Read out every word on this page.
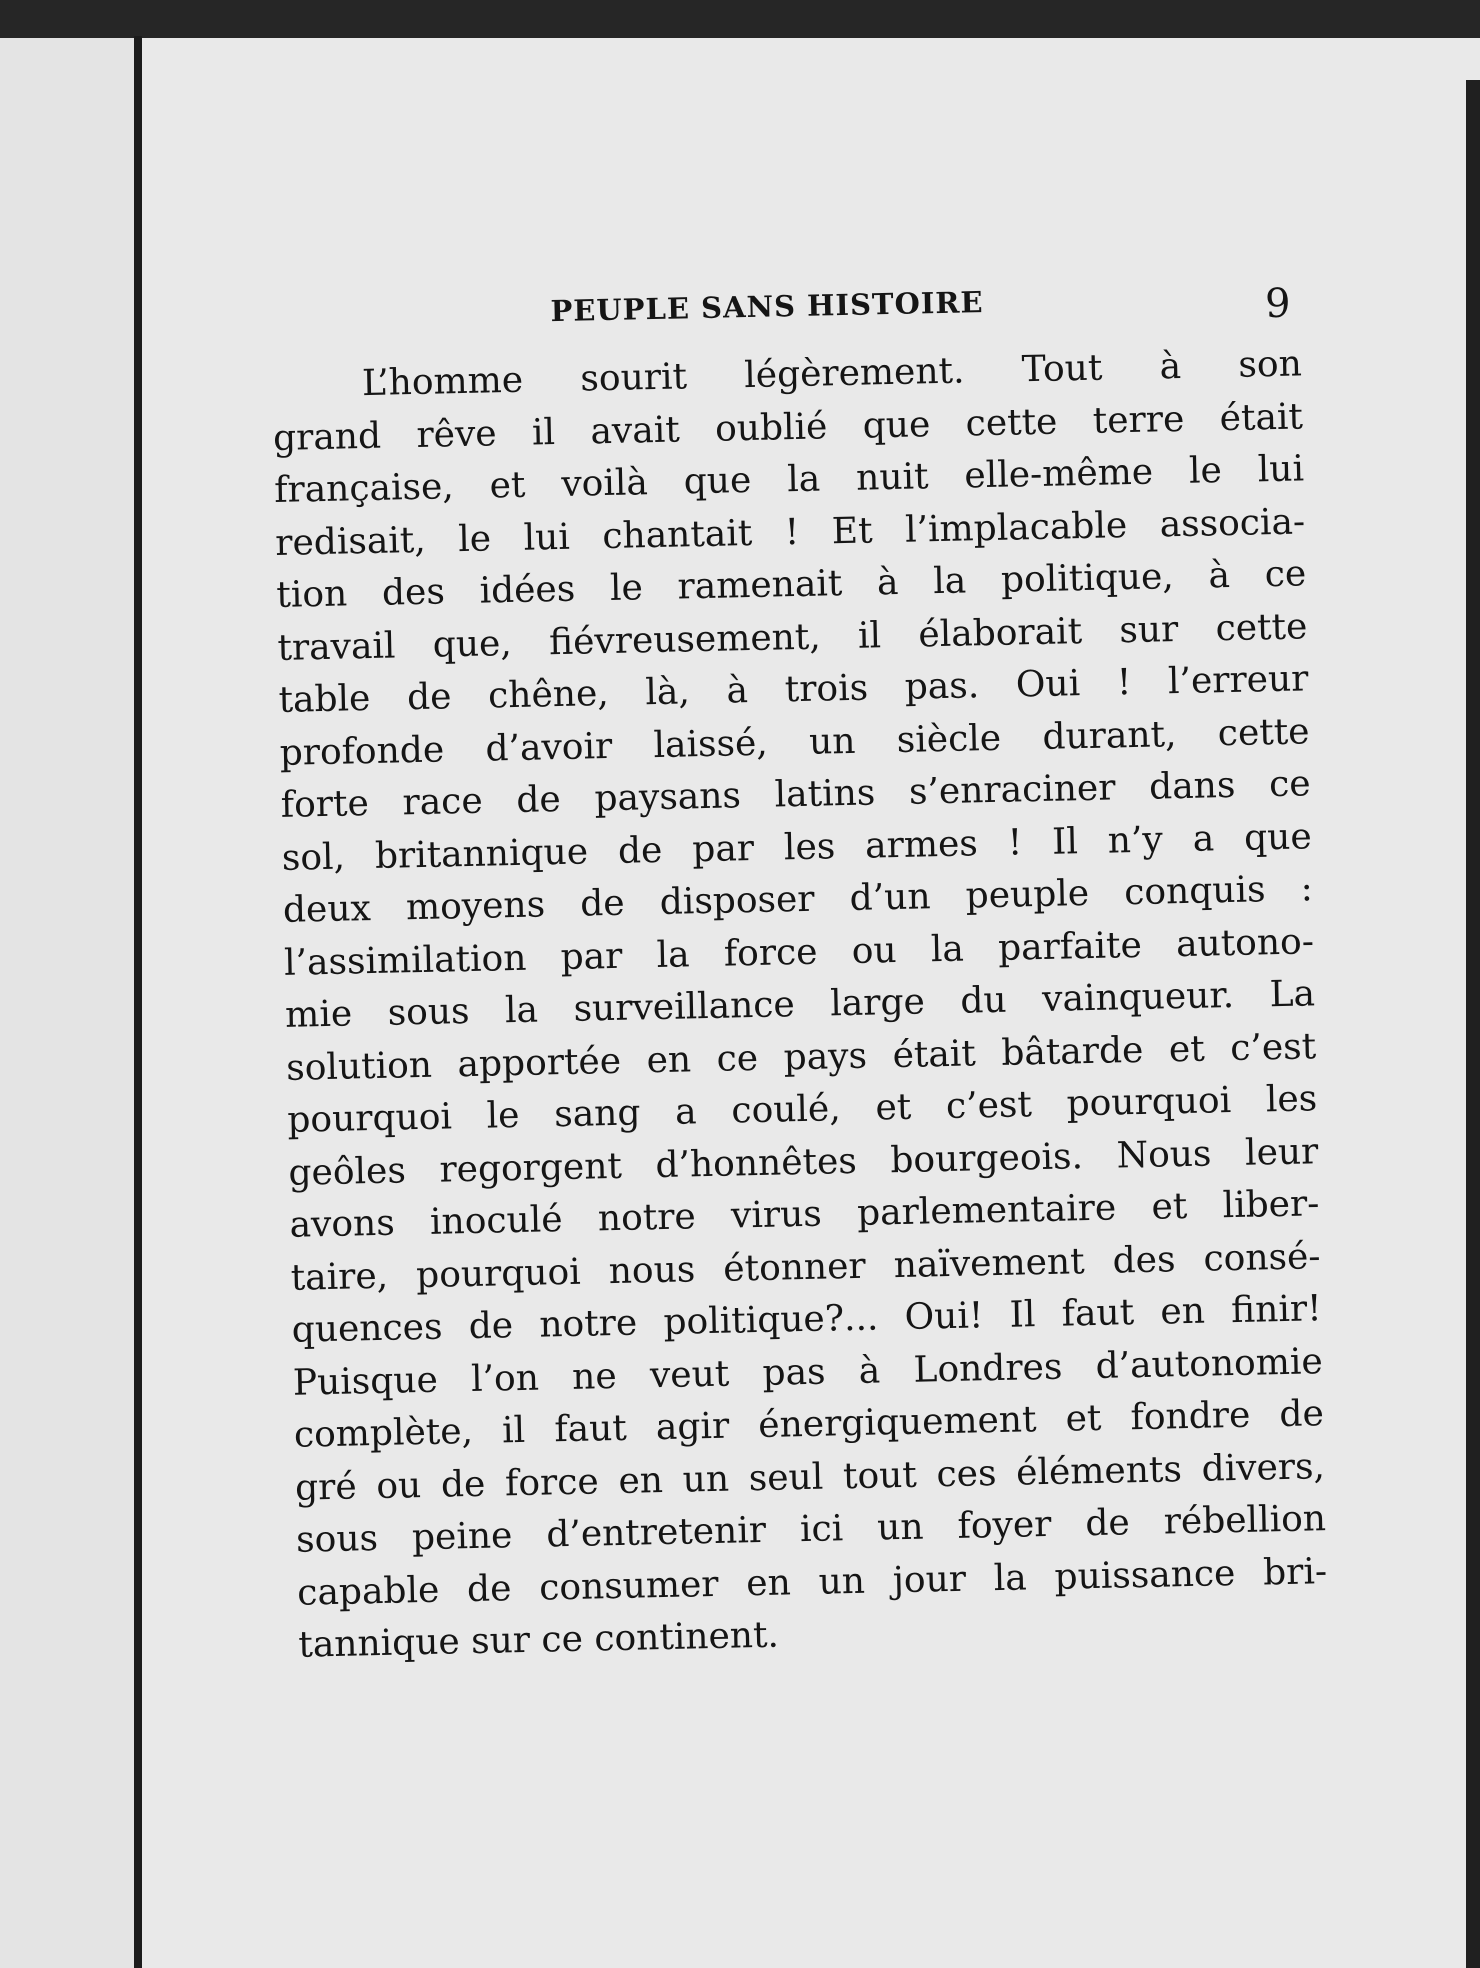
PEUPLE SANS HISTOIRE	9

L’homme sourit légèrement. Tout à son
grand rêve il avait oublié que cette terre était
française, et voilà que la nuit elle-même le lui
redisait, le lui chantait ! Et l’implacable associa-
tion des idées le ramenait à la politique, à ce
travail que, fiévreusement, il élaborait sur cette
table de chêne, là, à trois pas. Oui ! l’erreur
profonde d’avoir laissé, un siècle durant, cette
forte race de paysans latins s’enraciner dans ce
sol, britannique de par les armes ! Il n’y a que
deux moyens de disposer d’un peuple conquis :
l’assimilation par la force ou la parfaite autono-
mie sous la surveillance large du vainqueur. La
solution apportée en ce pays était bâtarde et c’est
pourquoi le sang a coulé, et c’est pourquoi les
geôles regorgent d’honnêtes bourgeois. Nous leur
avons inoculé notre virus parlementaire et liber-
taire, pourquoi nous étonner naïvement des consé-
quences de notre politique?... Oui! Il faut en finir!
Puisque l’on ne veut pas à Londres d’autonomie
complète, il faut agir énergiquement et fondre de
gré ou de force en un seul tout ces éléments divers,
sous peine d’entretenir ici un foyer de rébellion
capable de consumer en un jour la puissance bri-
tannique sur ce continent.
